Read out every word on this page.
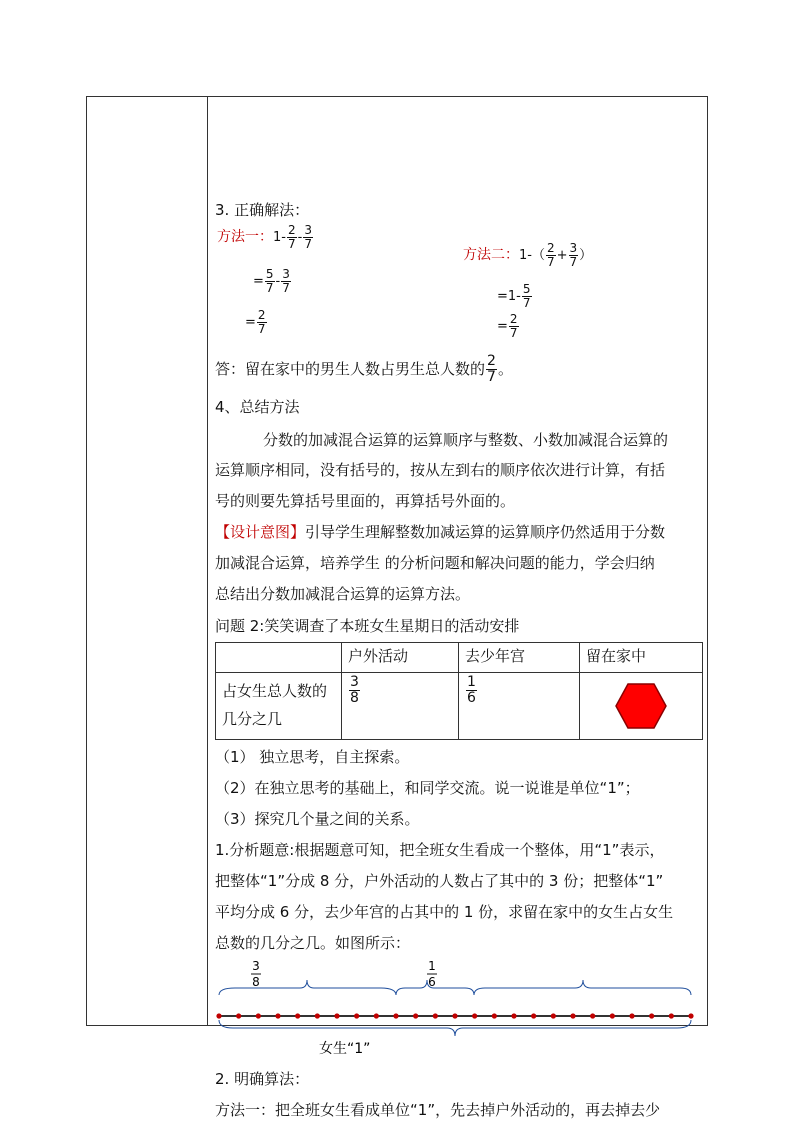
3. 正确解法：
方法一：$1- \frac{2}{7} - \frac{3}{7}$
= $\frac{5}{7} - \frac{3}{7}$
= $\frac{2}{7}$
方法二：$1-( \frac{2}{7} + \frac{3}{7}$ ）
$=1- \frac{5}{7}$
= $\frac{2}{7}$
答：留在家中的男生人数占男生总人数的 $\frac{2}{7}$ 。
4、总结方法
分数的加减混合运算的运算顺序与整数、小数加减混合运算的
运算顺序相同，没有括号的，按从左到右的顺序依次进行计算，有括
号的则要先算括号里面的，再算括号外面的。
【设计意图】引导学生理解整数加减运算的运算顺序仍然适用于分数
加减混合运算，培养学生 的分析问题和解决问题的能力，学会归纳
总结出分数加减混合运算的运算方法。
问题 2:笑笑调查了本班女生星期日的活动安排
	户外活动	去少年宫	留在家中
占女生总人数的几分之几	$\frac{3}{8}$	$\frac{1}{6}$

（1） 独立思考，自主探索。
（2）在独立思考的基础上，和同学交流。说一说谁是单位“1”；
（3）探究几个量之间的关系。
1.分析题意:根据题意可知，把全班女生看成一个整体，用“1”表示，
把整体“1”分成 8 分，户外活动的人数占了其中的 3 份；把整体“1”
平均分成 6 分，去少年宫的占其中的 1 份，求留在家中的女生占女生
总数的几分之几。如图所示：
3
8
1
6
女生“1”
2. 明确算法：
方法一：把全班女生看成单位“1”，先去掉户外活动的，再去掉去少
